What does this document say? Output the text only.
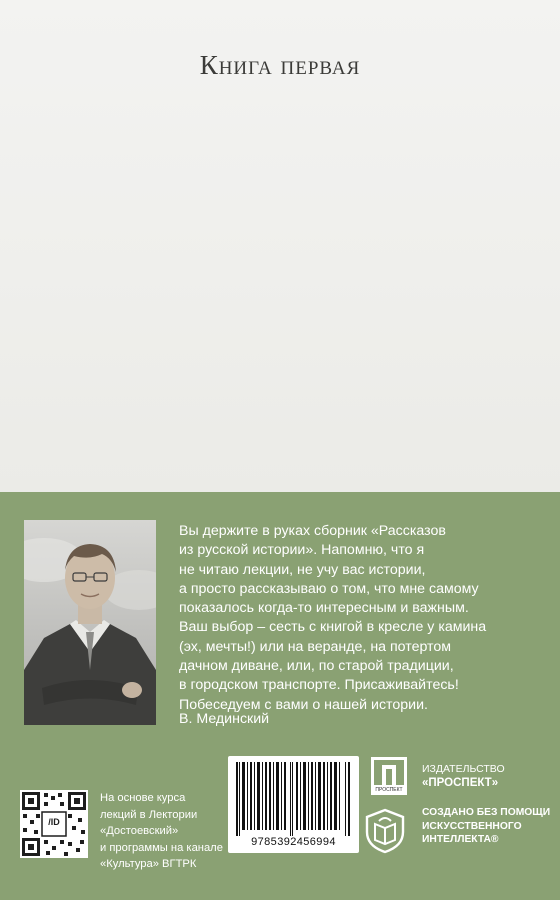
Книга первая

Вы держите в руках сборник «Рассказов

из русской истории». Напомню, что я

не читаю лекции, не учу вас истории,

а просто рассказываю о том, что мне самому

показалось когда-то интересным и важным.

Ваш выбор – сесть с книгой в кресле у камина

(эх, мечты!) или на веранде, на потертом

дачном диване, или, по старой традиции,

в городском транспорте. Присаживайтесь!

Побеседуем с вами о нашей истории.

В. Мединский
/ID
На основе курса
лекций в Лектории
«Достоевский»
и программы на канале
«Культура» ВГТРК
9785392456994
ПРОСПЕКТ
ИЗДАТЕЛЬСТВО
«ПРОСПЕКТ»
СОЗДАНО БЕЗ ПОМОЩИ
ИСКУССТВЕННОГО
ИНТЕЛЛЕКТА®
